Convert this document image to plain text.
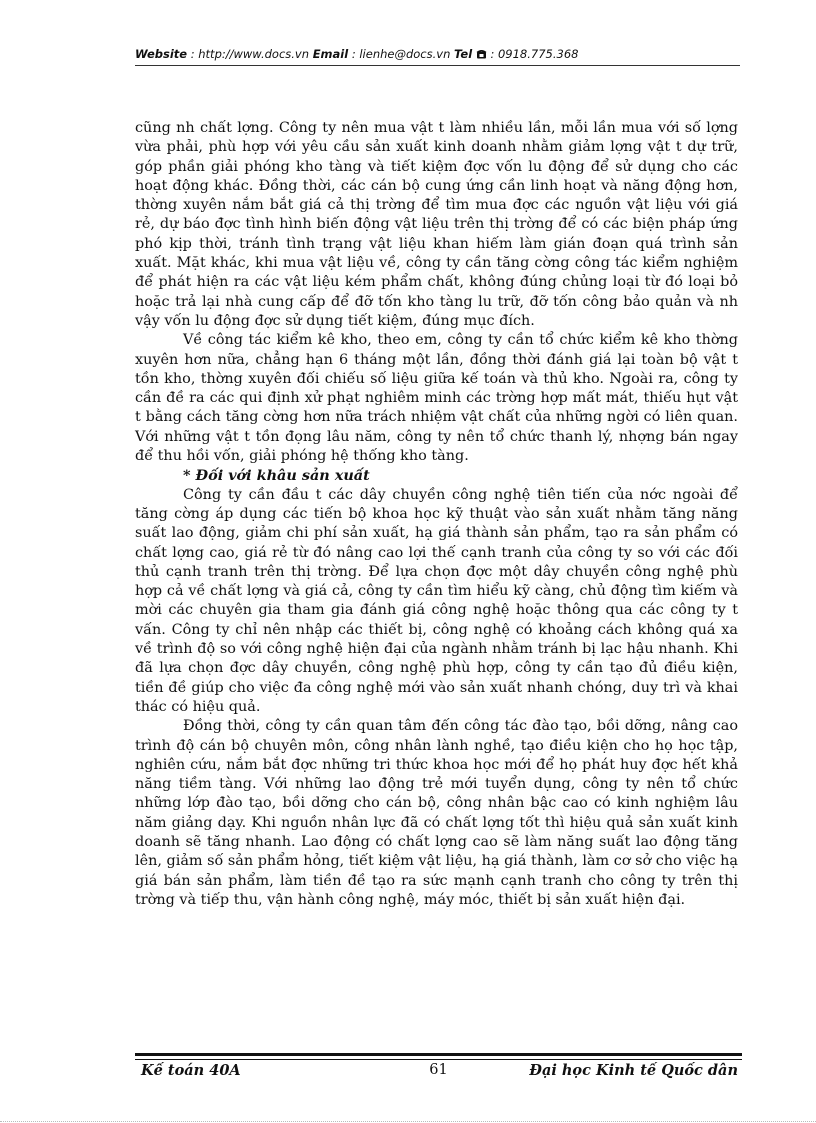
Website : http://www.docs.vn Email : lienhe@docs.vn Tel  : 0918.775.368

cũng nh chất lợng. Công ty nên mua vật t làm nhiều lần, mỗi lần mua với số lợng vừa phải, phù hợp với yêu cầu sản xuất kinh doanh nhằm giảm lợng vật t dự trữ, góp phần giải phóng kho tàng và tiết kiệm đợc vốn lu động để sử dụng cho các hoạt động khác. Đồng thời, các cán bộ cung ứng cần linh hoạt và năng động hơn, thờng xuyên nắm bắt giá cả thị trờng để tìm mua đợc các nguồn vật liệu với giá rẻ, dự báo đợc tình hình biến động vật liệu trên thị trờng để có các biện pháp ứng phó kịp thời, tránh tình trạng vật liệu khan hiếm làm gián đoạn quá trình sản xuất. Mặt khác, khi mua vật liệu về, công ty cần tăng cờng công tác kiểm nghiệm để phát hiện ra các vật liệu kém phẩm chất, không đúng chủng loại từ đó loại bỏ hoặc trả lại nhà cung cấp để đỡ tốn kho tàng lu trữ, đỡ tốn công bảo quản và nh vậy vốn lu động đợc sử dụng tiết kiệm, đúng mục đích.

Về công tác kiểm kê kho, theo em, công ty cần tổ chức kiểm kê kho thờng xuyên hơn nữa, chẳng hạn 6 tháng một lần, đồng thời đánh giá lại toàn bộ vật t tồn kho, thờng xuyên đối chiếu số liệu giữa kế toán và thủ kho. Ngoài ra, công ty cần đề ra các qui định xử phạt nghiêm minh các trờng hợp mất mát, thiếu hụt vật t bằng cách tăng cờng hơn nữa trách nhiệm vật chất của những ngời có liên quan. Với những vật t tồn đọng lâu năm, công ty nên tổ chức thanh lý, nhợng bán ngay để thu hồi vốn, giải phóng hệ thống kho tàng.

* Đối với khâu sản xuất

Công ty cần đầu t các dây chuyền công nghệ tiên tiến của nớc ngoài để tăng cờng áp dụng các tiến bộ khoa học kỹ thuật vào sản xuất nhằm tăng năng suất lao động, giảm chi phí sản xuất, hạ giá thành sản phẩm, tạo ra sản phẩm có chất lợng cao, giá rẻ từ đó nâng cao lợi thế cạnh tranh của công ty so với các đối thủ cạnh tranh trên thị trờng. Để lựa chọn đợc một dây chuyền công nghệ phù hợp cả về chất lợng và giá cả, công ty cần tìm hiểu kỹ càng, chủ động tìm kiếm và mời các chuyên gia tham gia đánh giá công nghệ hoặc thông qua các công ty t vấn. Công ty chỉ nên nhập các thiết bị, công nghệ có khoảng cách không quá xa về trình độ so với công nghệ hiện đại của ngành nhằm tránh bị lạc hậu nhanh. Khi đã lựa chọn đợc dây chuyền, công nghệ phù hợp, công ty cần tạo đủ điều kiện, tiền đề giúp cho việc đa công nghệ mới vào sản xuất nhanh chóng, duy trì và khai thác có hiệu quả.

Đồng thời, công ty cần quan tâm đến công tác đào tạo, bồi dỡng, nâng cao trình độ cán bộ chuyên môn, công nhân lành nghề, tạo điều kiện cho họ học tập, nghiên cứu, nắm bắt đợc những tri thức khoa học mới để họ phát huy đợc hết khả năng tiềm tàng. Với những lao động trẻ mới tuyển dụng, công ty nên tổ chức những lớp đào tạo, bồi dỡng cho cán bộ, công nhân bậc cao có kinh nghiệm lâu năm giảng dạy. Khi nguồn nhân lực đã có chất lợng tốt thì hiệu quả sản xuất kinh doanh sẽ tăng nhanh. Lao động có chất lợng cao sẽ làm năng suất lao động tăng lên, giảm số sản phẩm hỏng, tiết kiệm vật liệu, hạ giá thành, làm cơ sở cho việc hạ giá bán sản phẩm, làm tiền đề tạo ra sức mạnh cạnh tranh cho công ty trên thị trờng và tiếp thu, vận hành công nghệ, máy móc, thiết bị sản xuất hiện đại.

Kế toán 40A	61	Đại học Kinh tế Quốc dân
